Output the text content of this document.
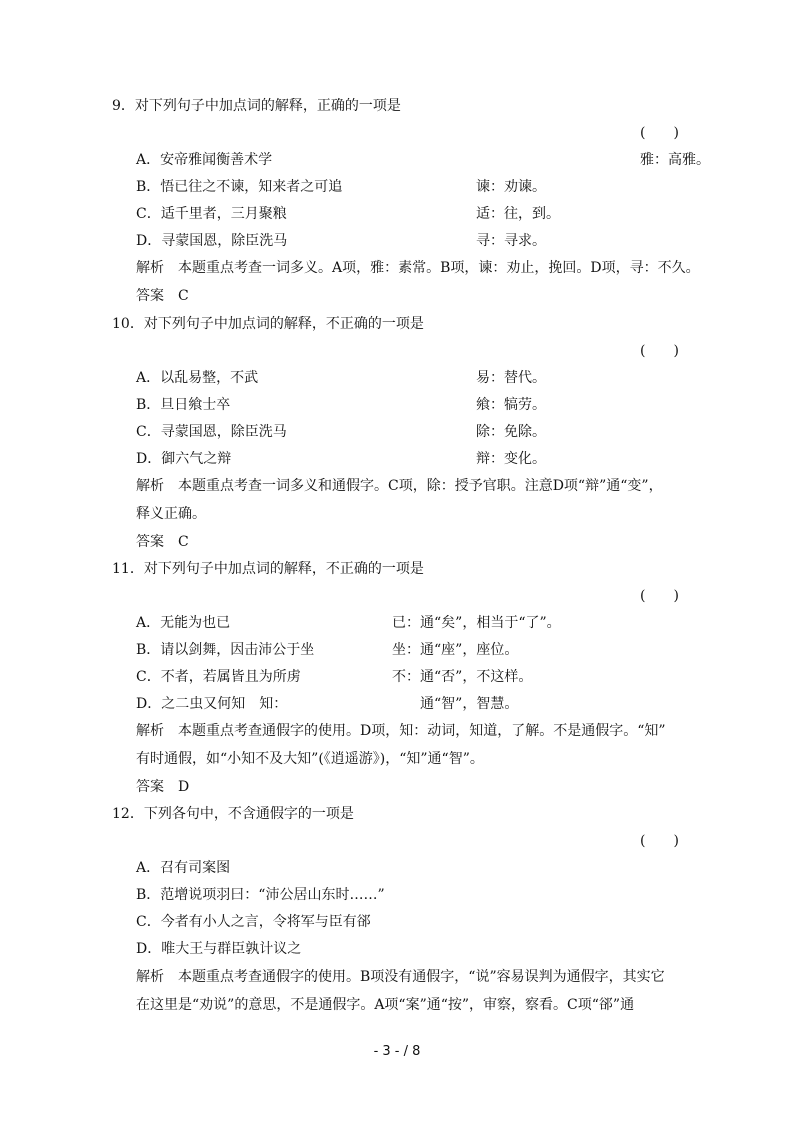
9．对下列句子中加点词的解释，正确的一项是
(　　)
A．安帝雅闻衡善术学	雅：高雅。
B．悟已往之不谏，知来者之可追	谏：劝谏。
C．适千里者，三月聚粮	适：往，到。
D．寻蒙国恩，除臣洗马	寻：寻求。
解析　本题重点考查一词多义。A项，雅：素常。B项，谏：劝止，挽回。D项，寻：不久。
答案　C
10．对下列句子中加点词的解释，不正确的一项是
(　　)
A．以乱易整，不武	易：替代。
B．旦日飨士卒	飨：犒劳。
C．寻蒙国恩，除臣洗马	除：免除。
D．御六气之辩	辩：变化。
解析　本题重点考查一词多义和通假字。C项，除：授予官职。注意D项“辩”通“变”，
释义正确。
答案　C
11．对下列句子中加点词的解释，不正确的一项是
(　　)
A．无能为也已	已：通“矣”，相当于“了”。
B．请以剑舞，因击沛公于坐	坐：通“座”，座位。
C．不者，若属皆且为所虏	不：通“否”，不这样。
D．之二虫又何知　知：	通“智”，智慧。
解析　本题重点考查通假字的使用。D项，知：动词，知道，了解。不是通假字。“知”
有时通假，如“小知不及大知”(《逍遥游》)，“知”通“智”。
答案　D
12．下列各句中，不含通假字的一项是
(　　)
A．召有司案图
B．范增说项羽曰：“沛公居山东时……”
C．今者有小人之言，令将军与臣有郤
D．唯大王与群臣孰计议之
解析　本题重点考查通假字的使用。B项没有通假字，“说”容易误判为通假字，其实它
在这里是“劝说”的意思，不是通假字。A项“案”通“按”，审察，察看。C项“郤”通
- 3 - / 8
